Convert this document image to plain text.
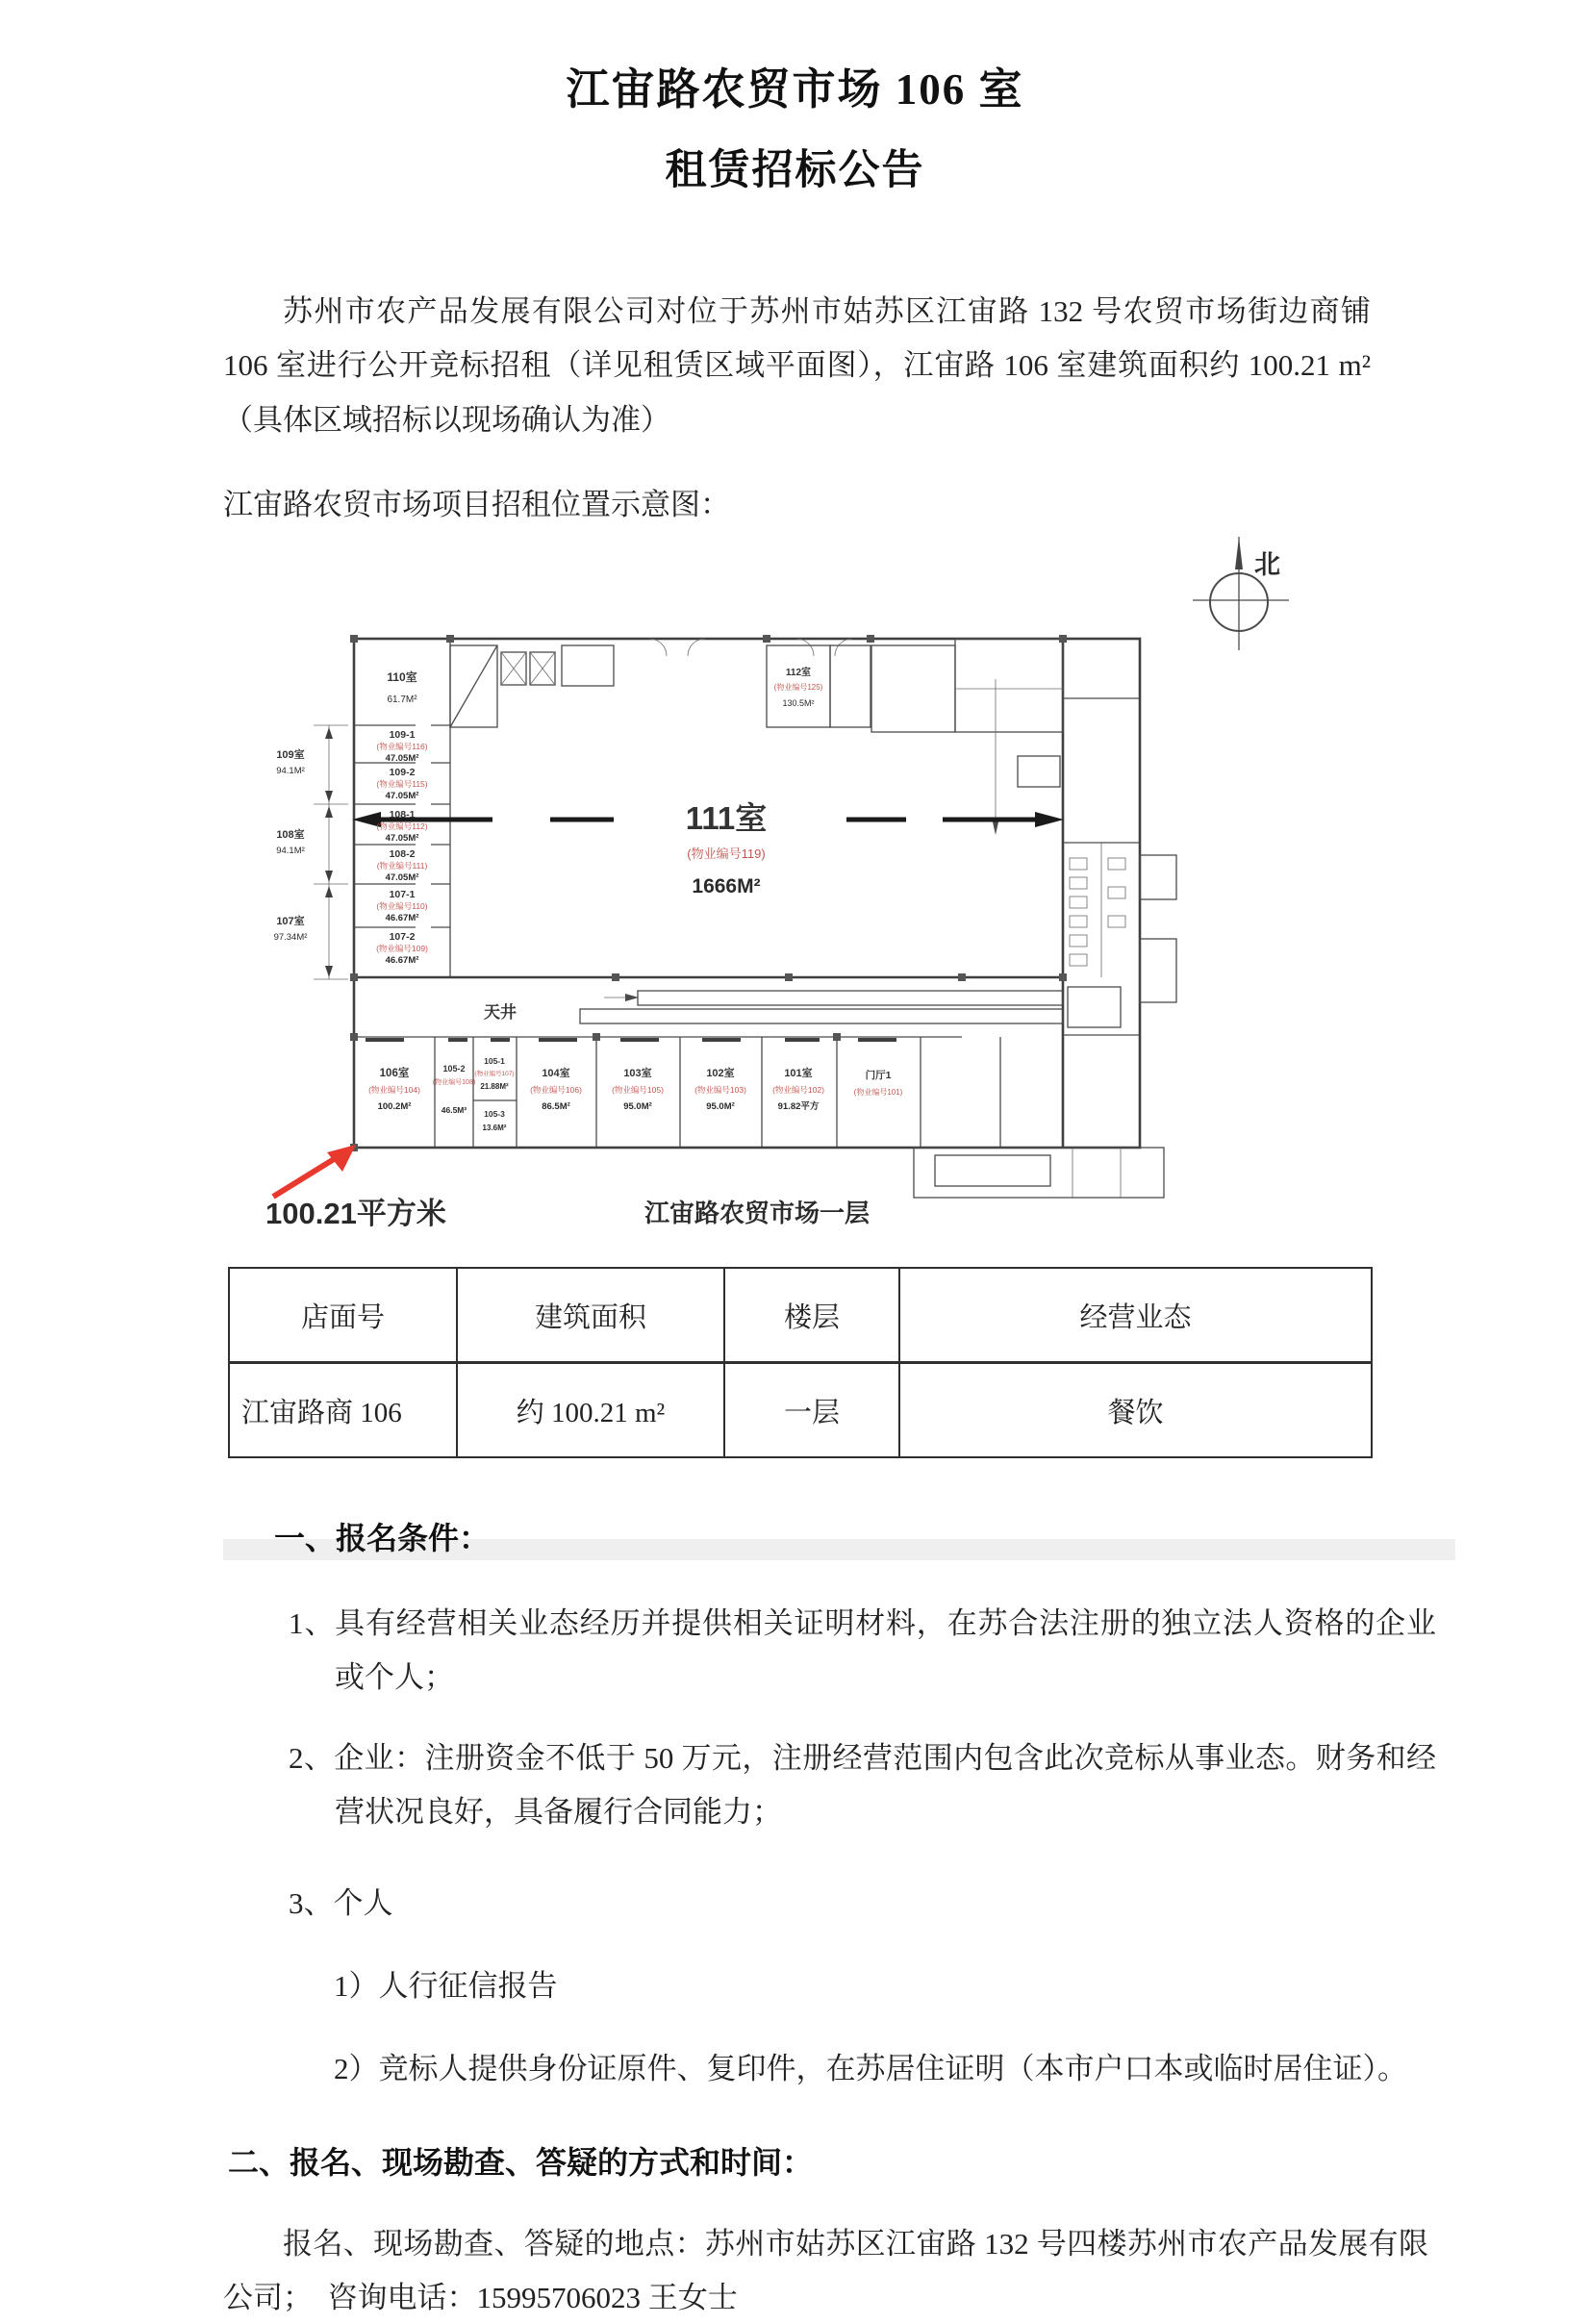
江宙路农贸市场 106 室
租赁招标公告

苏州市农产品发展有限公司对位于苏州市姑苏区江宙路 132 号农贸市场街边商铺 106 室进行公开竞标招租（详见租赁区域平面图），江宙路 106 室建筑面积约 100.21 m²（具体区域招标以现场确认为准）

江宙路农贸市场项目招租位置示意图：

北
112室
(物业编号125)
130.5M²
111室
(物业编号119)
1666M²
110室
61.7M²
109-1
(物业编号116)
47.05M²
109-2
(物业编号115)
47.05M²
108-1
(物业编号112)
47.05M²
108-2
(物业编号111)
47.05M²
107-1
(物业编号110)
46.67M²
107-2
(物业编号109)
46.67M²
109室
94.1M²
108室
94.1M²
107室
97.34M²
天井
106室
(物业编号104)
100.2M²
105-2
(物业编号108)
46.5M²
105-1
(物业编号107)
21.88M²
105-3
13.6M²
104室
(物业编号106)
86.5M²
103室
(物业编号105)
95.0M²
102室
(物业编号103)
95.0M²
101室
(物业编号102)
91.82平方
门厅1
(物业编号101)
100.21平方米	江宙路农贸市场一层
店面号	建筑面积	楼层	经营业态
江宙路商 106	约 100.21 m²	一层	餐饮
一、报名条件：

1、具有经营相关业态经历并提供相关证明材料，在苏合法注册的独立法人资格的企业或个人；

2、企业：注册资金不低于 50 万元，注册经营范围内包含此次竞标从事业态。财务和经营状况良好，具备履行合同能力；

3、个人

1）人行征信报告

2）竞标人提供身份证原件、复印件，在苏居住证明（本市户口本或临时居住证）。

二、报名、现场勘查、答疑的方式和时间：

报名、现场勘查、答疑的地点：苏州市姑苏区江宙路 132 号四楼苏州市农产品发展有限公司；　咨询电话：15995706023 王女士
